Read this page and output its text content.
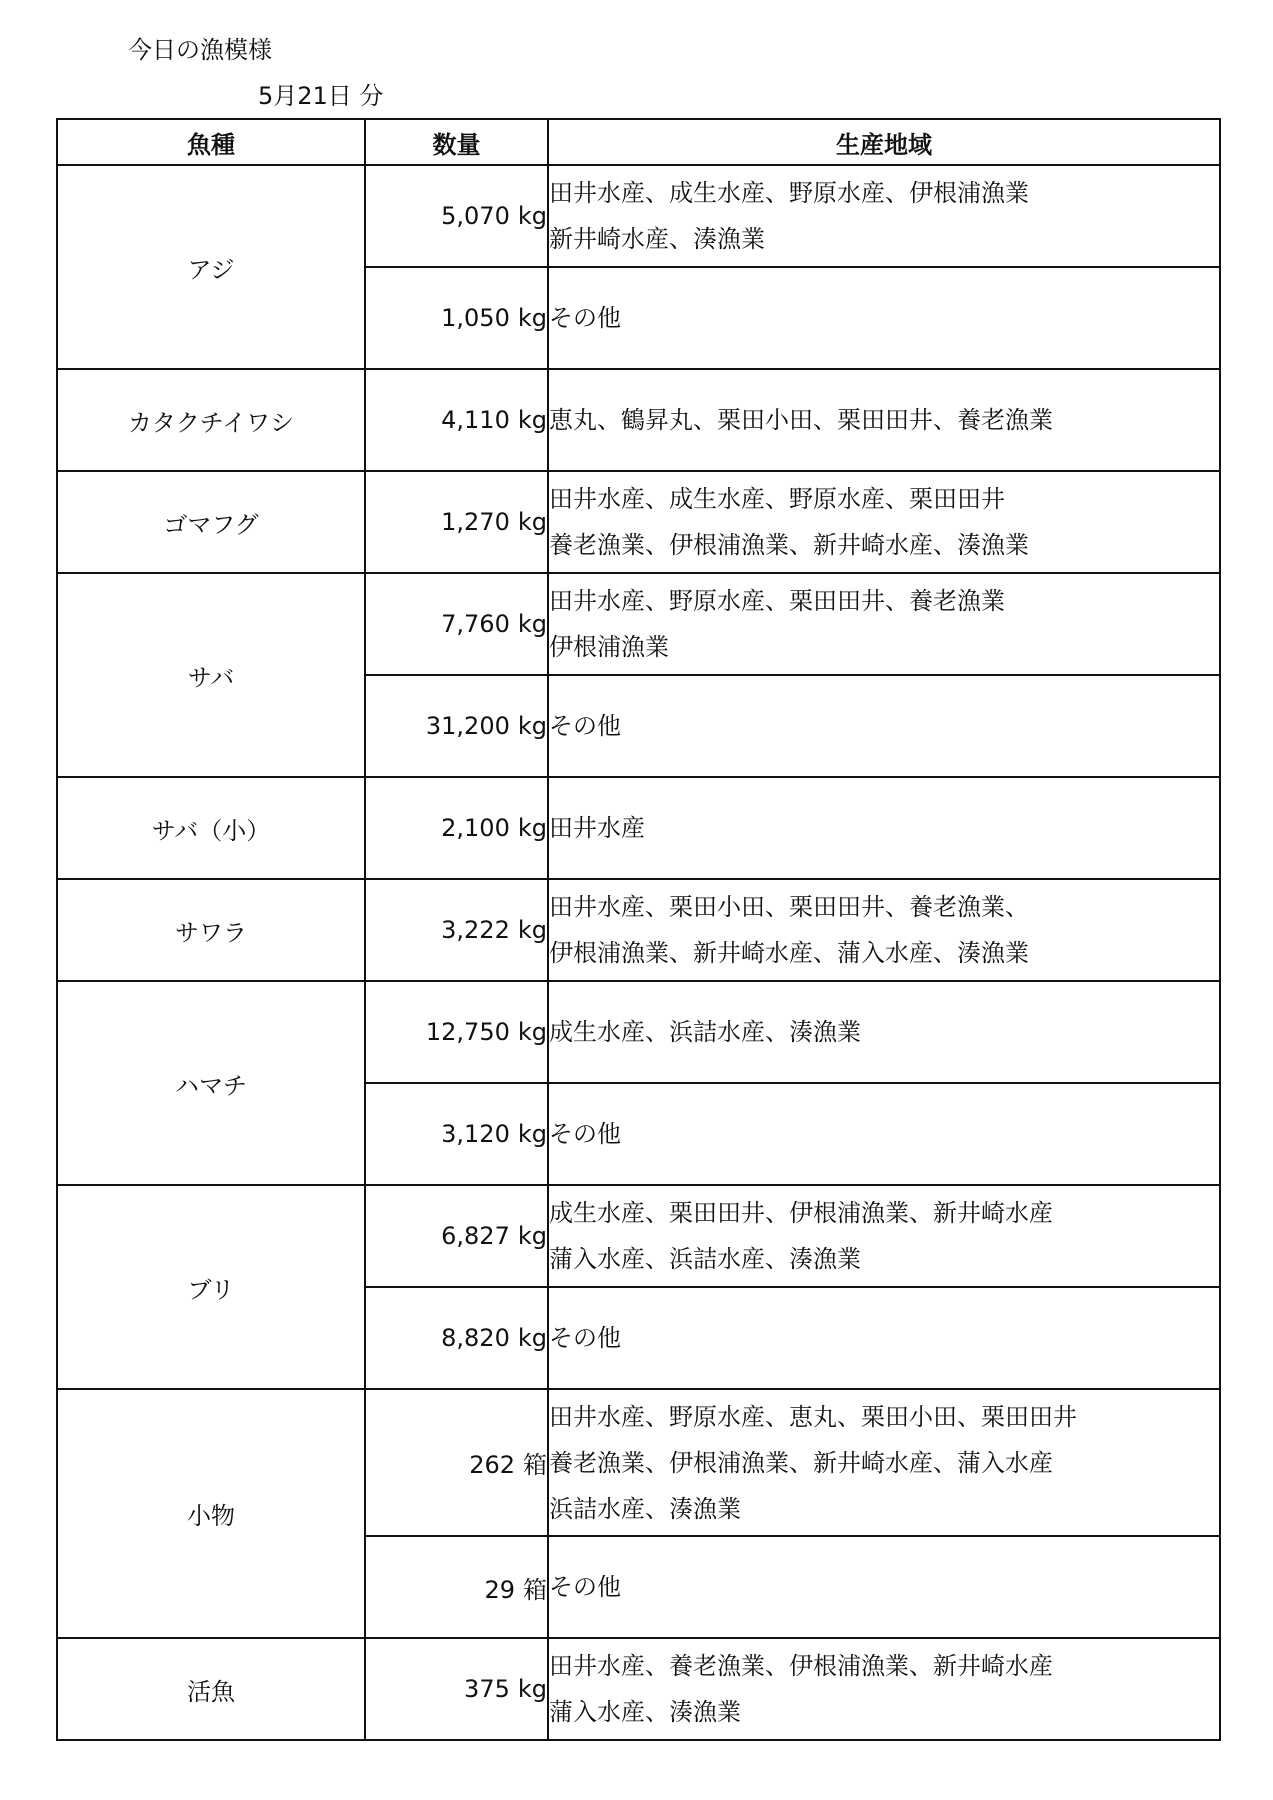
今日の漁模様
5月21日 分
魚種	数量	生産地域
アジ	5,070 kg	田井水産、成生水産、野原水産、伊根浦漁業
新井崎水産、湊漁業

	1,050 kg	その他

カタクチイワシ	4,110 kg	恵丸、鶴昇丸、栗田小田、栗田田井、養老漁業

ゴマフグ	1,270 kg	田井水産、成生水産、野原水産、栗田田井
養老漁業、伊根浦漁業、新井崎水産、湊漁業

サバ	7,760 kg	田井水産、野原水産、栗田田井、養老漁業
伊根浦漁業

	31,200 kg	その他

サバ（小）	2,100 kg	田井水産

サワラ	3,222 kg	田井水産、栗田小田、栗田田井、養老漁業、
伊根浦漁業、新井崎水産、蒲入水産、湊漁業

ハマチ	12,750 kg	成生水産、浜詰水産、湊漁業

	3,120 kg	その他

ブリ	6,827 kg	成生水産、栗田田井、伊根浦漁業、新井崎水産
蒲入水産、浜詰水産、湊漁業

	8,820 kg	その他

小物	262 箱	田井水産、野原水産、恵丸、栗田小田、栗田田井
養老漁業、伊根浦漁業、新井崎水産、蒲入水産
浜詰水産、湊漁業

	29 箱	その他

活魚	375 kg	田井水産、養老漁業、伊根浦漁業、新井崎水産
蒲入水産、湊漁業
